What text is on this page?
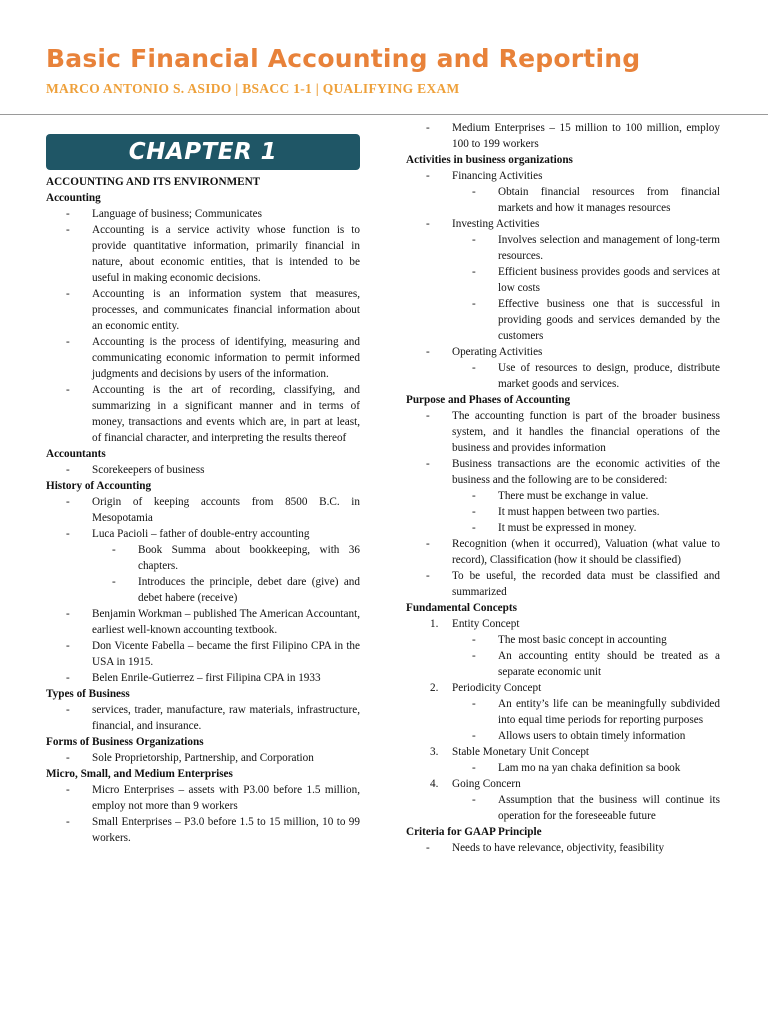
Basic Financial Accounting and Reporting
MARCO ANTONIO S. ASIDO | BSACC 1-1 | QUALIFYING EXAM
CHAPTER 1
ACCOUNTING AND ITS ENVIRONMENT
Accounting
-	Language of business; Communicates
-	Accounting is a service activity whose function is to provide quantitative information, primarily financial in nature, about economic entities, that is intended to be useful in making economic decisions.
-	Accounting is an information system that measures, processes, and communicates financial information about an economic entity.
-	Accounting is the process of identifying, measuring and communicating economic information to permit informed judgments and decisions by users of the information.
-	Accounting is the art of recording, classifying, and summarizing in a significant manner and in terms of money, transactions and events which are, in part at least, of financial character, and interpreting the results thereof
Accountants
-	Scorekeepers of business
History of Accounting
-	Origin of keeping accounts from 8500 B.C. in Mesopotamia
-	Luca Pacioli – father of double-entry accounting
-	Book Summa about bookkeeping, with 36 chapters.
-	Introduces the principle, debet dare (give) and debet habere (receive)
-	Benjamin Workman – published The American Accountant, earliest well-known accounting textbook.
-	Don Vicente Fabella – became the first Filipino CPA in the USA in 1915.
-	Belen Enrile-Gutierrez – first Filipina CPA in 1933
Types of Business
-	services, trader, manufacture, raw materials, infrastructure, financial, and insurance.
Forms of Business Organizations
-	Sole Proprietorship, Partnership, and Corporation
Micro, Small, and Medium Enterprises
-	Micro Enterprises – assets with P3.00 before 1.5 million, employ not more than 9 workers
-	Small Enterprises – P3.0 before 1.5 to 15 million, 10 to 99 workers.
-	Medium Enterprises – 15 million to 100 million, employ 100 to 199 workers
Activities in business organizations
-	Financing Activities
-	Obtain financial resources from financial markets and how it manages resources
-	Investing Activities
-	Involves selection and management of long-term resources.
-	Efficient business provides goods and services at low costs
-	Effective business one that is successful in providing goods and services demanded by the customers
-	Operating Activities
-	Use of resources to design, produce, distribute market goods and services.
Purpose and Phases of Accounting
-	The accounting function is part of the broader business system, and it handles the financial operations of the business and provides information
-	Business transactions are the economic activities of the business and the following are to be considered:
-	There must be exchange in value.
-	It must happen between two parties.
-	It must be expressed in money.
-	Recognition (when it occurred), Valuation (what value to record), Classification (how it should be classified)
-	To be useful, the recorded data must be classified and summarized
Fundamental Concepts
1.	Entity Concept
-	The most basic concept in accounting
-	An accounting entity should be treated as a separate economic unit
2.	Periodicity Concept
-	An entity’s life can be meaningfully subdivided into equal time periods for reporting purposes
-	Allows users to obtain timely information
3.	Stable Monetary Unit Concept
-	Lam mo na yan chaka definition sa book
4.	Going Concern
-	Assumption that the business will continue its operation for the foreseeable future
Criteria for GAAP Principle
-	Needs to have relevance, objectivity, feasibility
